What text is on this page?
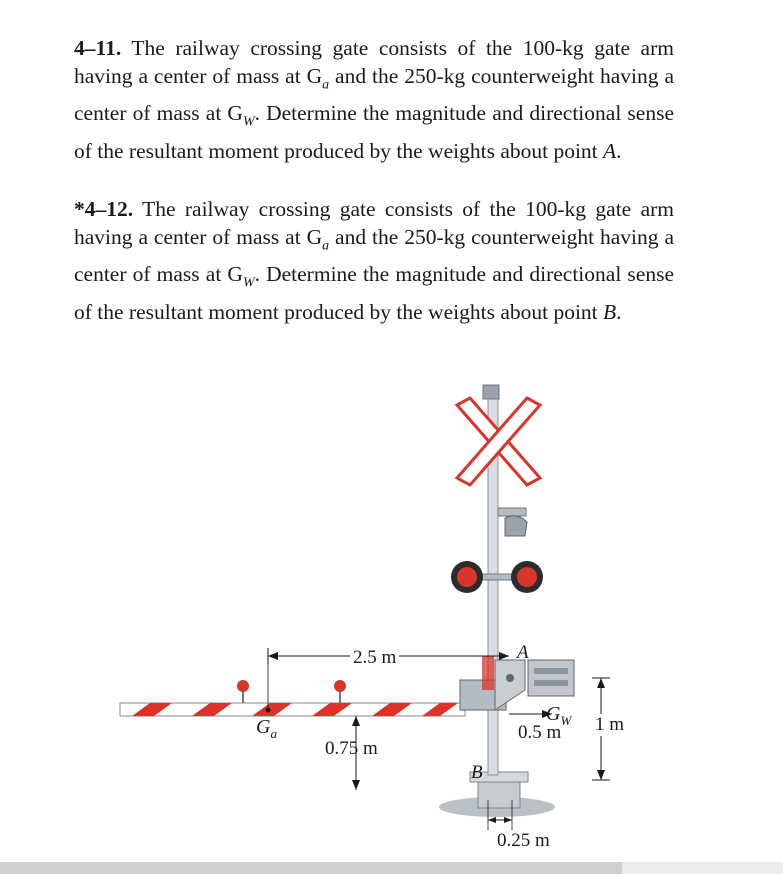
4–11. The railway crossing gate consists of the 100-kg gate arm having a center of mass at $G_a$ and the 250-kg counterweight having a center of mass at $G_W$. Determine the magnitude and directional sense of the resultant moment produced by the weights about point A.
*4–12. The railway crossing gate consists of the 100-kg gate arm having a center of mass at $G_a$ and the 250-kg counterweight having a center of mass at $G_W$. Determine the magnitude and directional sense of the resultant moment produced by the weights about point B.
2.5 m
0.75 m
0.5 m 1 m
0.25 m
A
B
$G_a$
$G_W$
